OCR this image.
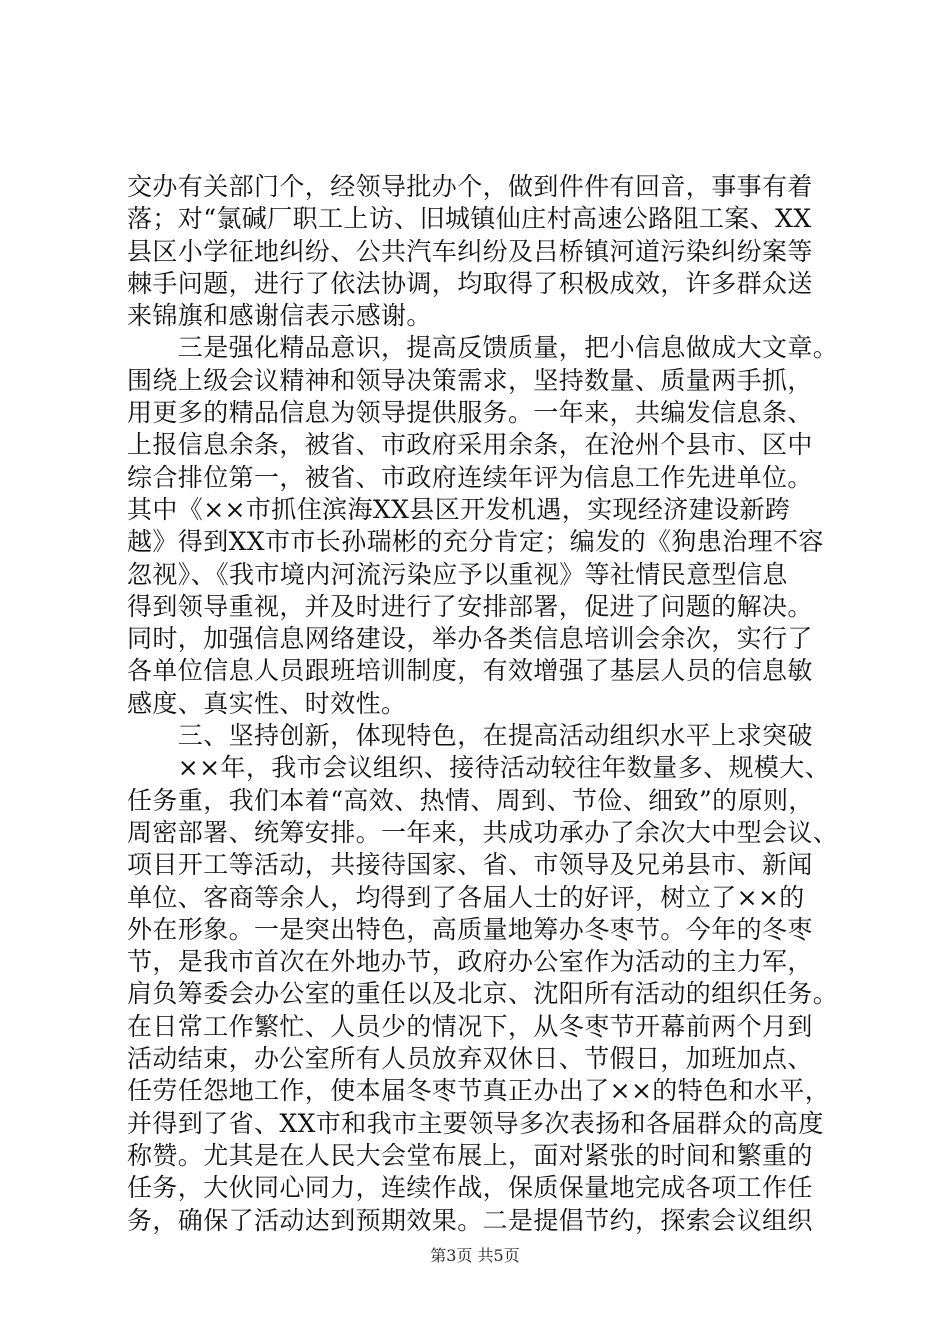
交办有关部门个，经领导批办个，做到件件有回音，事事有着
落；对“氯碱厂职工上访、旧城镇仙庄村高速公路阻工案、XX
县区小学征地纠纷、公共汽车纠纷及吕桥镇河道污染纠纷案等
棘手问题，进行了依法协调，均取得了积极成效，许多群众送
来锦旗和感谢信表示感谢。
　　三是强化精品意识，提高反馈质量，把小信息做成大文章。
围绕上级会议精神和领导决策需求，坚持数量、质量两手抓，
用更多的精品信息为领导提供服务。一年来，共编发信息条、
上报信息余条，被省、市政府采用余条，在沧州个县市、区中
综合排位第一，被省、市政府连续年评为信息工作先进单位。
其中《××市抓住滨海XX县区开发机遇，实现经济建设新跨
越》得到XX市市长孙瑞彬的充分肯定；编发的《狗患治理不容
忽视》、《我市境内河流污染应予以重视》等社情民意型信息
得到领导重视，并及时进行了安排部署，促进了问题的解决。
同时，加强信息网络建设，举办各类信息培训会余次，实行了
各单位信息人员跟班培训制度，有效增强了基层人员的信息敏
感度、真实性、时效性。
　　三、坚持创新，体现特色，在提高活动组织水平上求突破
　　××年，我市会议组织、接待活动较往年数量多、规模大、
任务重，我们本着“高效、热情、周到、节俭、细致”的原则，
周密部署、统筹安排。一年来，共成功承办了余次大中型会议、
项目开工等活动，共接待国家、省、市领导及兄弟县市、新闻
单位、客商等余人，均得到了各届人士的好评，树立了××的
外在形象。一是突出特色，高质量地筹办冬枣节。今年的冬枣
节，是我市首次在外地办节，政府办公室作为活动的主力军，
肩负筹委会办公室的重任以及北京、沈阳所有活动的组织任务。
在日常工作繁忙、人员少的情况下，从冬枣节开幕前两个月到
活动结束，办公室所有人员放弃双休日、节假日，加班加点、
任劳任怨地工作，使本届冬枣节真正办出了××的特色和水平，
并得到了省、XX市和我市主要领导多次表扬和各届群众的高度
称赞。尤其是在人民大会堂布展上，面对紧张的时间和繁重的
任务，大伙同心同力，连续作战，保质保量地完成各项工作任
务，确保了活动达到预期效果。二是提倡节约，探索会议组织
第3页 共5页
